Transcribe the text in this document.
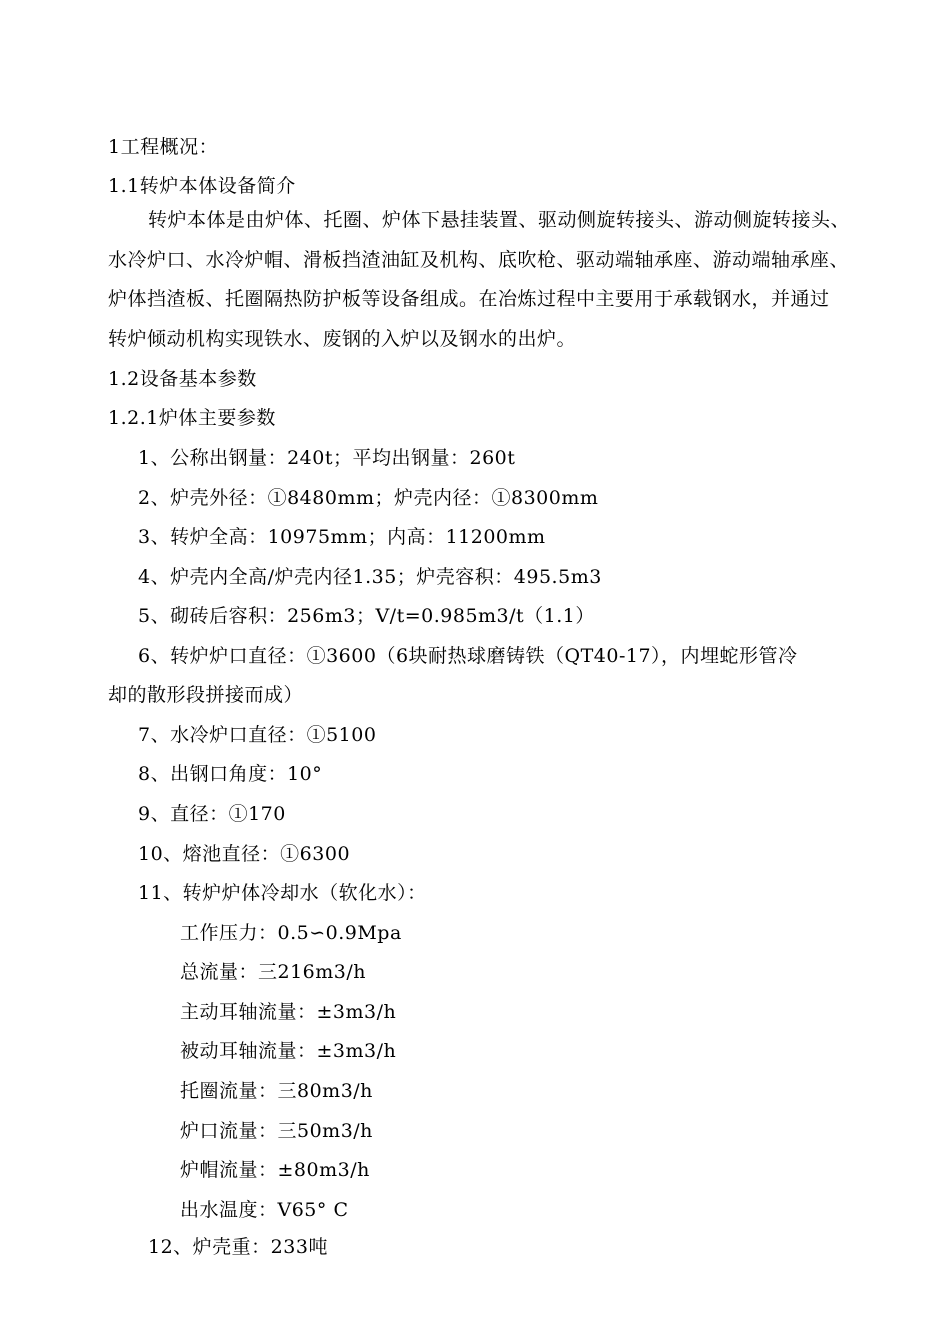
1工程概况：
1.1转炉本体设备简介
转炉本体是由炉体、托圈、炉体下悬挂装置、驱动侧旋转接头、游动侧旋转接头、
水冷炉口、水冷炉帽、滑板挡渣油缸及机构、底吹枪、驱动端轴承座、游动端轴承座、
炉体挡渣板、托圈隔热防护板等设备组成。在冶炼过程中主要用于承载钢水，并通过
转炉倾动机构实现铁水、废钢的入炉以及钢水的出炉。
1.2设备基本参数
1.2.1炉体主要参数
1、公称出钢量：240t；平均出钢量：260t
2、炉壳外径：①8480mm；炉壳内径：①8300mm
3、转炉全高：10975mm；内高：11200mm
4、炉壳内全高/炉壳内径1.35；炉壳容积：495.5m3
5、砌砖后容积：256m3；V/t=0.985m3/t（1.1）
6、转炉炉口直径：①3600（6块耐热球磨铸铁（QT40-17），内埋蛇形管冷
却的散形段拼接而成）
7、水冷炉口直径：①5100
8、出钢口角度：10°
9、直径：①170
10、熔池直径：①6300
11、转炉炉体冷却水（软化水）：
工作压力：0.5∽0.9Mpa
总流量：三216m3/h
主动耳轴流量：±3m3/h
被动耳轴流量：±3m3/h
托圈流量：三80m3/h
炉口流量：三50m3/h
炉帽流量：±80m3/h
出水温度：V65° C
12、炉壳重：233吨
